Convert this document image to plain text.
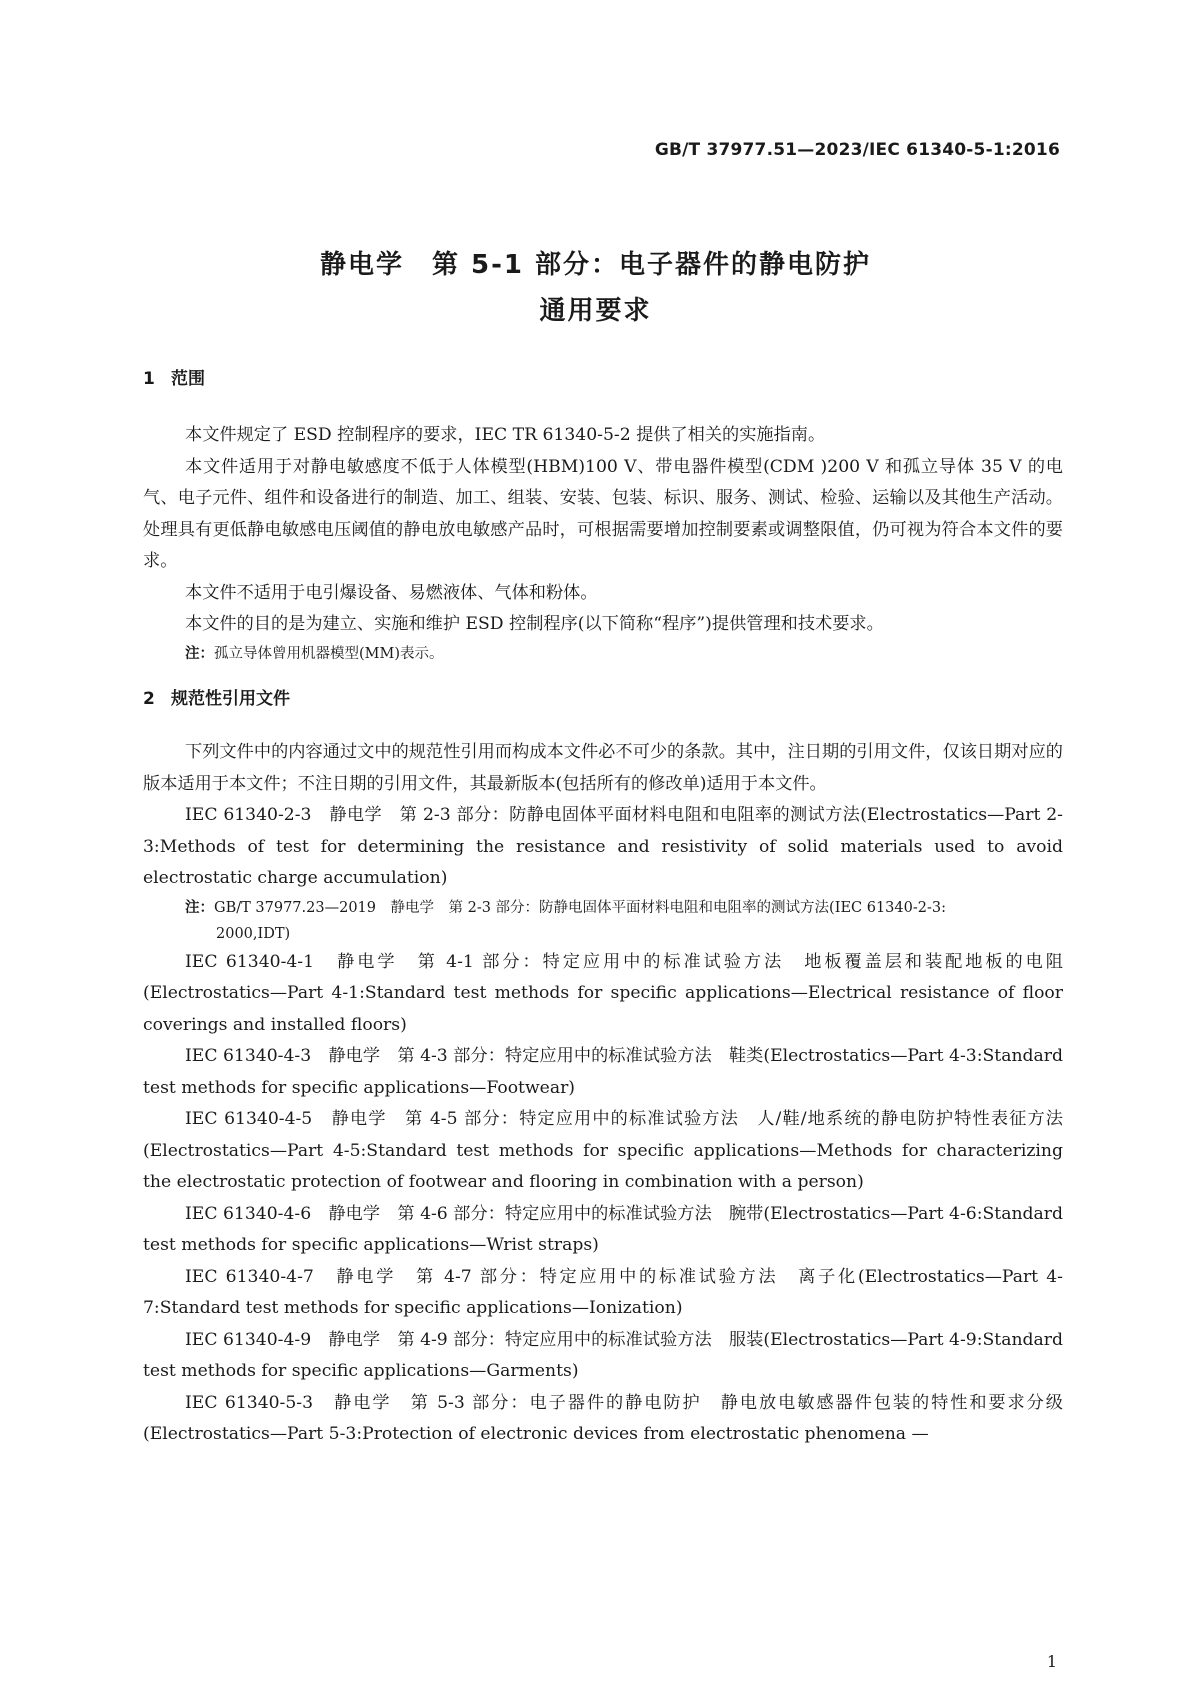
GB/T 37977.51—2023/IEC 61340-5-1:2016
静电学　第 5-1 部分：电子器件的静电防护
通用要求
1 范围

本文件规定了 ESD 控制程序的要求，IEC TR 61340-5-2 提供了相关的实施指南。

本文件适用于对静电敏感度不低于人体模型(HBM)100 V、带电器件模型(CDM )200 V 和孤立导体 35 V 的电气、电子元件、组件和设备进行的制造、加工、组装、安装、包装、标识、服务、测试、检验、运输以及其他生产活动。处理具有更低静电敏感电压阈值的静电放电敏感产品时，可根据需要增加控制要素或调整限值，仍可视为符合本文件的要求。

本文件不适用于电引爆设备、易燃液体、气体和粉体。

本文件的目的是为建立、实施和维护 ESD 控制程序(以下简称“程序”)提供管理和技术要求。

注：孤立导体曾用机器模型(MM)表示。

2 规范性引用文件

下列文件中的内容通过文中的规范性引用而构成本文件必不可少的条款。其中，注日期的引用文件，仅该日期对应的版本适用于本文件；不注日期的引用文件，其最新版本(包括所有的修改单)适用于本文件。

IEC 61340-2-3　静电学　第 2-3 部分：防静电固体平面材料电阻和电阻率的测试方法(Electrostatics—Part 2-3:Methods of test for determining the resistance and resistivity of solid materials used to avoid electrostatic charge accumulation)

注：GB/T 37977.23—2019　静电学　第 2-3 部分：防静电固体平面材料电阻和电阻率的测试方法(IEC 61340-2-3:
2000,IDT)

IEC 61340-4-1　静电学　第 4-1 部分：特定应用中的标准试验方法　地板覆盖层和装配地板的电阻(Electrostatics—Part 4-1:Standard test methods for specific applications—Electrical resistance of floor coverings and installed floors)

IEC 61340-4-3　静电学　第 4-3 部分：特定应用中的标准试验方法　鞋类(Electrostatics—Part 4-3:Standard test methods for specific applications—Footwear)

IEC 61340-4-5　静电学　第 4-5 部分：特定应用中的标准试验方法　人/鞋/地系统的静电防护特性表征方法(Electrostatics—Part 4-5:Standard test methods for specific applications—Methods for characterizing the electrostatic protection of footwear and flooring in combination with a person)

IEC 61340-4-6　静电学　第 4-6 部分：特定应用中的标准试验方法　腕带(Electrostatics—Part 4-6:Standard test methods for specific applications—Wrist straps)

IEC 61340-4-7　静电学　第 4-7 部分：特定应用中的标准试验方法　离子化(Electrostatics—Part 4-7:Standard test methods for specific applications—Ionization)

IEC 61340-4-9　静电学　第 4-9 部分：特定应用中的标准试验方法　服装(Electrostatics—Part 4-9:Standard test methods for specific applications—Garments)

IEC 61340-5-3　静电学　第 5-3 部分：电子器件的静电防护　静电放电敏感器件包装的特性和要求分级(Electrostatics—Part 5-3:Protection of electronic devices from electrostatic phenomena —

1
